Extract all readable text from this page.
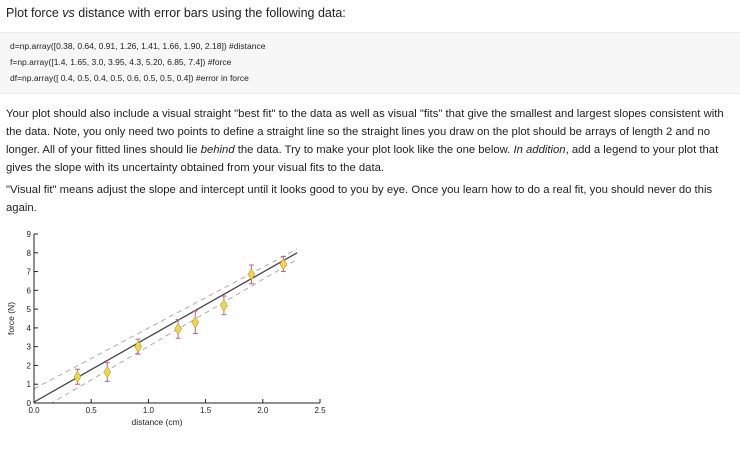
Plot force vs distance with error bars using the following data:
d=np.array([0.38, 0.64, 0.91, 1.26, 1.41, 1.66, 1.90, 2.18]) #distance
f=np.array([1.4, 1.65, 3.0, 3.95, 4.3, 5.20, 6.85, 7.4]) #force
df=np.array([ 0.4, 0.5, 0.4, 0.5, 0.6, 0.5, 0.5, 0.4]) #error in force
Your plot should also include a visual straight "best fit" to the data as well as visual "fits" that give the smallest and largest slopes consistent with the data. Note, you only need two points to define a straight line so the straight lines you draw on the plot should be arrays of length 2 and no longer. All of your fitted lines should lie behind the data. Try to make your plot look like the one below. In addition, add a legend to your plot that gives the slope with its uncertainty obtained from your visual fits to the data.
"Visual fit" means adjust the slope and intercept until it looks good to you by eye. Once you learn how to do a real fit, you should never do this again.
0.0	0.5	1.0	1.5	2.0	2.5
0
1
2
3
4
5
6
7
8
9
distance (cm)
force (N)
